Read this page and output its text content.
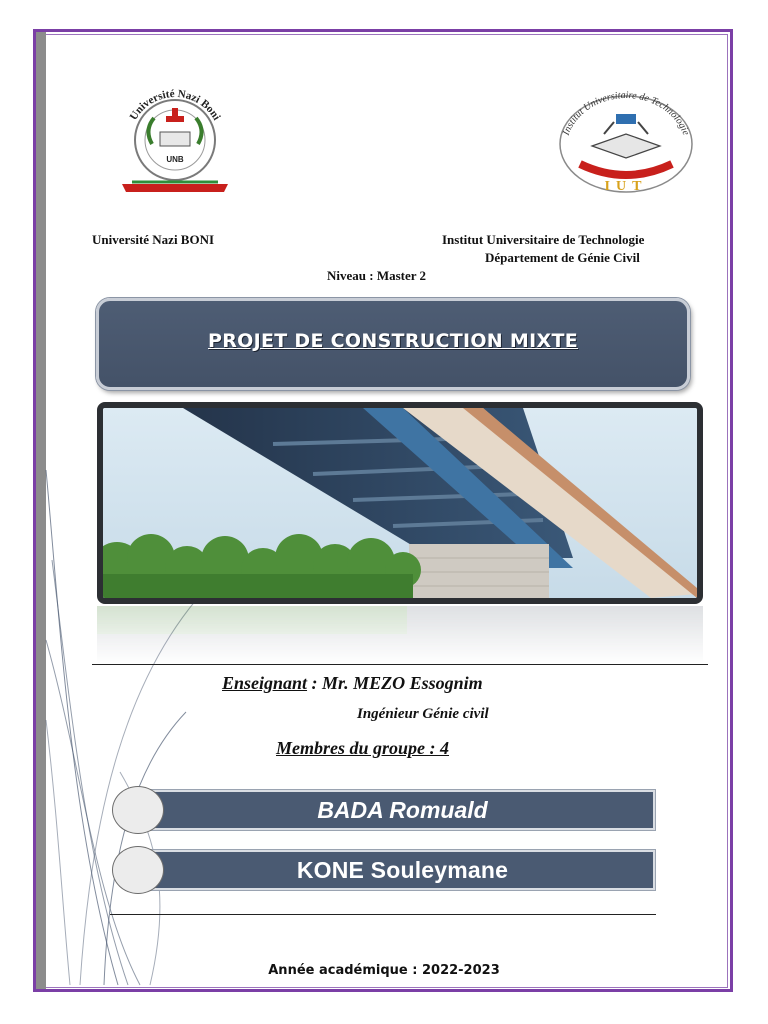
Université Nazi Boni
UNB
Institut Universitaire de Technologie
IUT
Université Nazi BONI	Institut Universitaire de Technologie
Département de Génie Civil
Niveau : Master 2
PROJET DE CONSTRUCTION MIXTE
Enseignant : Mr. MEZO Essognim
Ingénieur Génie civil
Membres du groupe : 4
BADA Romuald
KONE Souleymane
Année académique : 2022-2023
